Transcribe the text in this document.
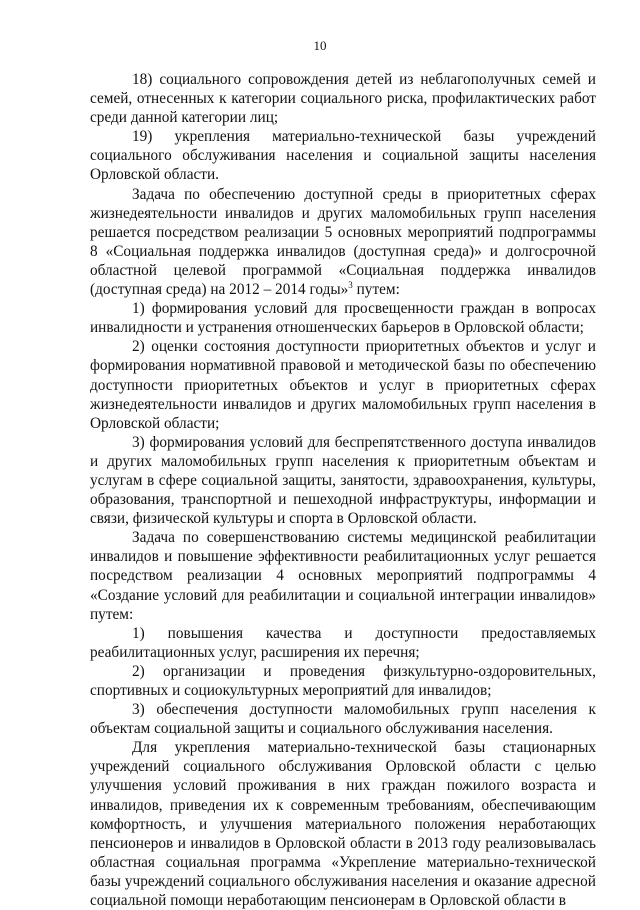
10

18) социального сопровождения детей из неблагополучных семей и семей, отнесенных к категории социального риска, профилактических работ среди данной категории лиц;

19) укрепления материально-технической базы учреждений социального обслуживания населения и социальной защиты населения Орловской области.

Задача по обеспечению доступной среды в приоритетных сферах жизнедеятельности инвалидов и других маломобильных групп населения решается посредством реализации 5 основных мероприятий подпрограммы 8 «Социальная поддержка инвалидов (доступная среда)» и долгосрочной областной целевой программой «Социальная поддержка инвалидов (доступная среда) на 2012 – 2014 годы»$^3$ путем:

1) формирования условий для просвещенности граждан в вопросах инвалидности и устранения отношенческих барьеров в Орловской области;

2) оценки состояния доступности приоритетных объектов и услуг и формирования нормативной правовой и методической базы по обеспечению доступности приоритетных объектов и услуг в приоритетных сферах жизнедеятельности инвалидов и других маломобильных групп населения в Орловской области;

3) формирования условий для беспрепятственного доступа инвалидов и других маломобильных групп населения к приоритетным объектам и услугам в сфере социальной защиты, занятости, здравоохранения, культуры, образования, транспортной и пешеходной инфраструктуры, информации и связи, физической культуры и спорта в Орловской области.

Задача по совершенствованию системы медицинской реабилитации инвалидов и повышение эффективности реабилитационных услуг решается посредством реализации 4 основных мероприятий подпрограммы 4 «Создание условий для реабилитации и социальной интеграции инвалидов» путем:

1) повышения качества и доступности предоставляемых реабилитационных услуг, расширения их перечня;

2) организации и проведения физкультурно-оздоровительных, спортивных и социокультурных мероприятий для инвалидов;

3) обеспечения доступности маломобильных групп населения к объектам социальной защиты и социального обслуживания населения.

Для укрепления материально-технической базы стационарных учреждений социального обслуживания Орловской области с целью улучшения условий проживания в них граждан пожилого возраста и инвалидов, приведения их к современным требованиям, обеспечивающим комфортность, и улучшения материального положения неработающих пенсионеров и инвалидов в Орловской области в 2013 году реализовывалась областная социальная программа «Укрепление материально-технической базы учреждений социального обслуживания населения и оказание адресной социальной помощи неработающим пенсионерам в Орловской области в
